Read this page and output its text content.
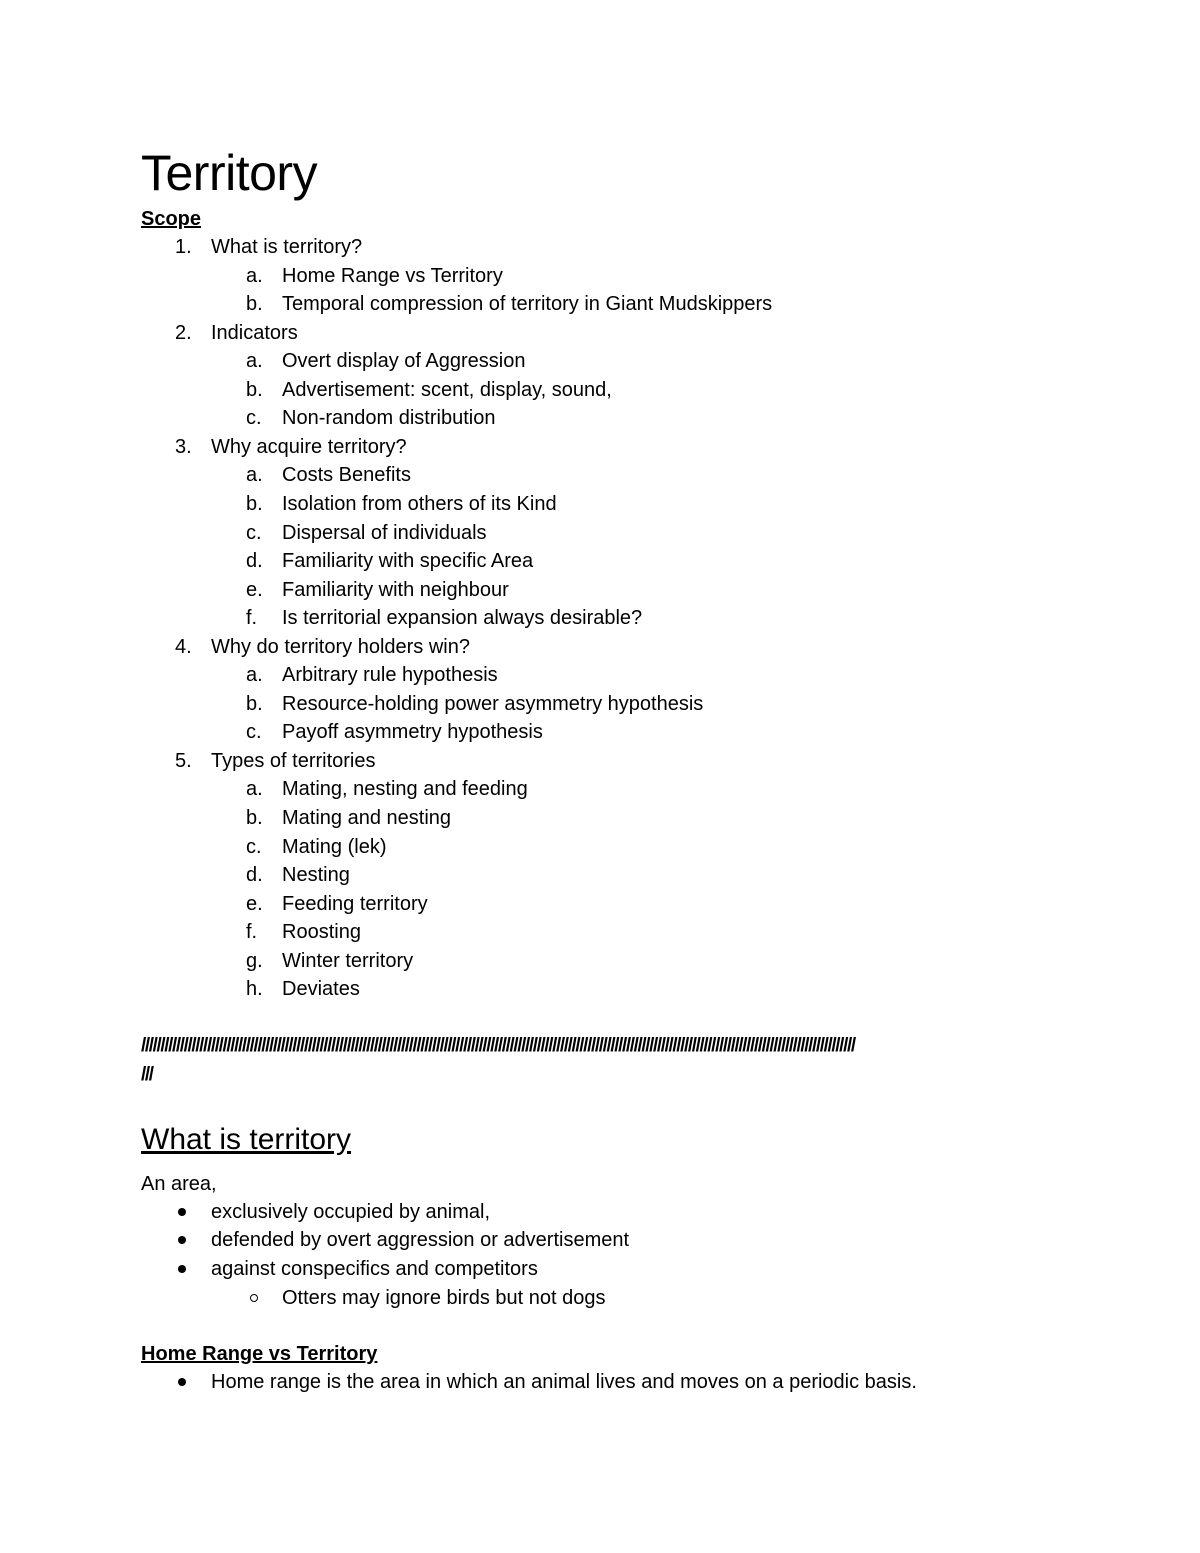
Territory
Scope
1. What is territory?
a. Home Range vs Territory
b. Temporal compression of territory in Giant Mudskippers
2. Indicators
a. Overt display of Aggression
b. Advertisement: scent, display, sound,
c. Non-random distribution
3. Why acquire territory?
a. Costs Benefits
b. Isolation from others of its Kind
c. Dispersal of individuals
d. Familiarity with specific Area
e. Familiarity with neighbour
f. Is territorial expansion always desirable?
4. Why do territory holders win?
a. Arbitrary rule hypothesis
b. Resource-holding power asymmetry hypothesis
c. Payoff asymmetry hypothesis
5. Types of territories
a. Mating, nesting and feeding
b. Mating and nesting
c. Mating (lek)
d. Nesting
e. Feeding territory
f. Roosting
g. Winter territory
h. Deviates
////////////////////////////////////////////////////////////////////////////////////////////////////////////////////////////////////////////////////////////////////////////////////////
///
What is territory

An area,

exclusively occupied by animal,
defended by overt aggression or advertisement
against conspecifics and competitors
Otters may ignore birds but not dogs
Home Range vs Territory
Home range is the area in which an animal lives and moves on a periodic basis.
